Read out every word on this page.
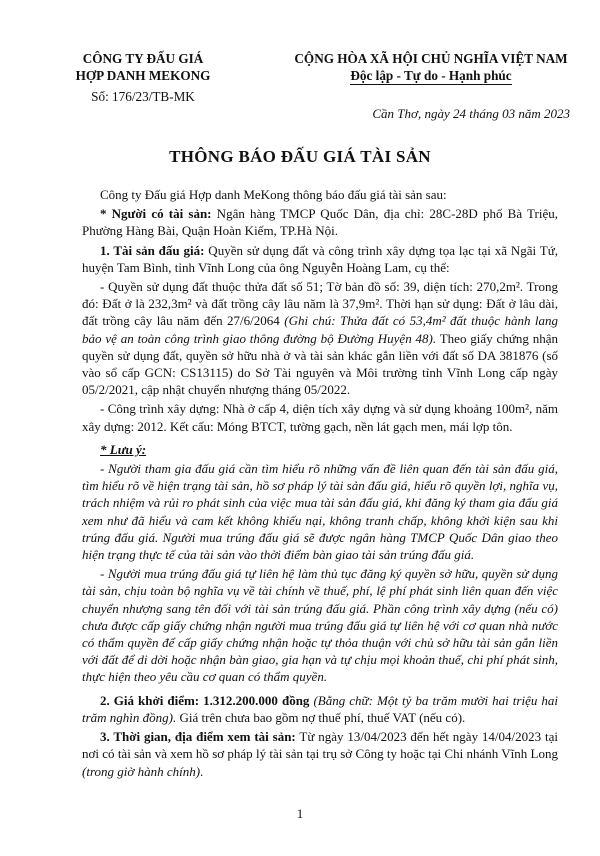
CÔNG TY ĐẤU GIÁ
HỢP DANH MEKONG
Số: 176/23/TB-MK
CỘNG HÒA XÃ HỘI CHỦ NGHĨA VIỆT NAM
Độc lập - Tự do - Hạnh phúc
Cần Thơ, ngày 24 tháng 03 năm 2023
THÔNG BÁO ĐẤU GIÁ TÀI SẢN

Công ty Đấu giá Hợp danh MeKong thông báo đấu giá tài sản sau:

* Người có tài sản: Ngân hàng TMCP Quốc Dân, địa chỉ: 28C-28D phố Bà Triệu, Phường Hàng Bài, Quận Hoàn Kiếm, TP.Hà Nội.

1. Tài sản đấu giá: Quyền sử dụng đất và công trình xây dựng tọa lạc tại xã Ngãi Tứ, huyện Tam Bình, tỉnh Vĩnh Long của ông Nguyễn Hoàng Lam, cụ thể:

- Quyền sử dụng đất thuộc thửa đất số 51; Tờ bản đồ số: 39, diện tích: 270,2m². Trong đó: Đất ở là 232,3m² và đất trồng cây lâu năm là 37,9m². Thời hạn sử dụng: Đất ở lâu dài, đất trồng cây lâu năm đến 27/6/2064 (Ghi chú: Thửa đất có 53,4m² đất thuộc hành lang bảo vệ an toàn công trình giao thông đường bộ Đường Huyện 48). Theo giấy chứng nhận quyền sử dụng đất, quyền sở hữu nhà ở và tài sản khác gắn liền với đất số DA 381876 (số vào sổ cấp GCN: CS13115) do Sở Tài nguyên và Môi trường tỉnh Vĩnh Long cấp ngày 05/2/2021, cập nhật chuyển nhượng tháng 05/2022.

- Công trình xây dựng: Nhà ở cấp 4, diện tích xây dựng và sử dụng khoảng 100m², năm xây dựng: 2012. Kết cấu: Móng BTCT, tường gạch, nền lát gạch men, mái lợp tôn.

* Lưu ý:

- Người tham gia đấu giá cần tìm hiểu rõ những vấn đề liên quan đến tài sản đấu giá, tìm hiểu rõ về hiện trạng tài sản, hồ sơ pháp lý tài sản đấu giá, hiểu rõ quyền lợi, nghĩa vụ, trách nhiệm và rủi ro phát sinh của việc mua tài sản đấu giá, khi đăng ký tham gia đấu giá xem như đã hiểu và cam kết không khiếu nại, không tranh chấp, không khởi kiện sau khi trúng đấu giá. Người mua trúng đấu giá sẽ được ngân hàng TMCP Quốc Dân giao theo hiện trạng thực tế của tài sản vào thời điểm bàn giao tài sản trúng đấu giá.

- Người mua trúng đấu giá tự liên hệ làm thủ tục đăng ký quyền sở hữu, quyền sử dụng tài sản, chịu toàn bộ nghĩa vụ về tài chính về thuế, phí, lệ phí phát sinh liên quan đến việc chuyển nhượng sang tên đối với tài sản trúng đấu giá. Phần công trình xây dựng (nếu có) chưa được cấp giấy chứng nhận người mua trúng đấu giá tự liên hệ với cơ quan nhà nước có thẩm quyền để cấp giấy chứng nhận hoặc tự thỏa thuận với chủ sở hữu tài sản gắn liền với đất để di dời hoặc nhận bàn giao, gia hạn và tự chịu mọi khoản thuế, chi phí phát sinh, thực hiện theo yêu cầu cơ quan có thẩm quyền.

2. Giá khởi điểm: 1.312.200.000 đồng (Bằng chữ: Một tỷ ba trăm mười hai triệu hai trăm nghìn đồng). Giá trên chưa bao gồm nợ thuế phí, thuế VAT (nếu có).

3. Thời gian, địa điểm xem tài sản: Từ ngày 13/04/2023 đến hết ngày 14/04/2023 tại nơi có tài sản và xem hồ sơ pháp lý tài sản tại trụ sở Công ty hoặc tại Chi nhánh Vĩnh Long (trong giờ hành chính).

1
